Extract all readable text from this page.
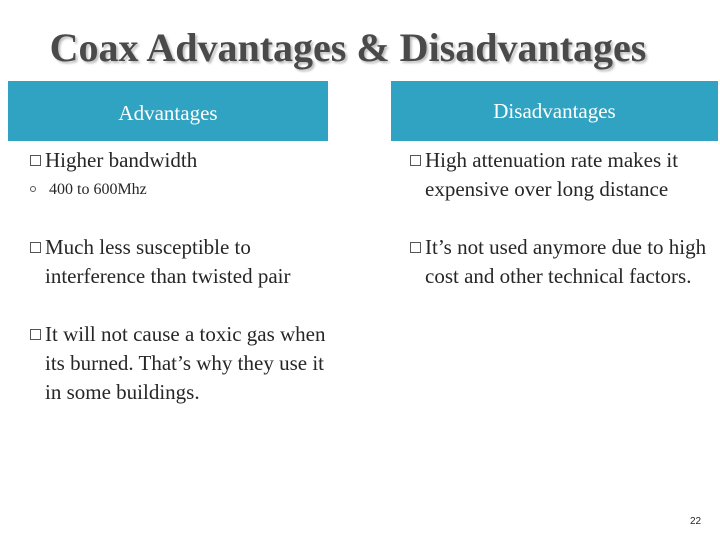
Coax Advantages & Disadvantages
Advantages	Disadvantages
Higher bandwidth
400 to 600Mhz
Much less susceptible to interference than twisted pair
It will not cause a toxic gas when its burned. That’s why they use it in some buildings.
High attenuation rate makes it expensive over long distance
It’s not used anymore due to high cost and other technical factors.
22
